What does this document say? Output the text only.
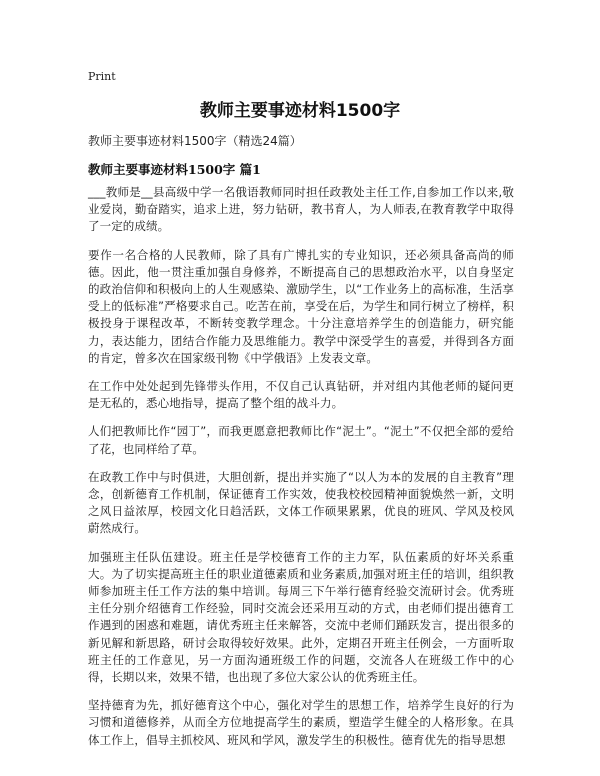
Print
教师主要事迹材料1500字
教师主要事迹材料1500字（精选24篇）
教师主要事迹材料1500字 篇1

___教师是__县高级中学一名俄语教师同时担任政教处主任工作,自参加工作以来,敬业爱岗，勤奋踏实，追求上进，努力钻研，教书育人，为人师表,在教育教学中取得了一定的成绩。

要作一名合格的人民教师，除了具有广博扎实的专业知识，还必须具备高尚的师德。因此，他一贯注重加强自身修养，不断提高自己的思想政治水平，以自身坚定的政治信仰和积极向上的人生观感染、激励学生，以“工作业务上的高标准，生活享受上的低标准”严格要求自己。吃苦在前，享受在后，为学生和同行树立了榜样，积极投身于课程改革，不断转变教学理念。十分注意培养学生的创造能力，研究能力，表达能力，团结合作能力及思维能力。教学中深受学生的喜爱，并得到各方面的肯定，曾多次在国家级刊物《中学俄语》上发表文章。

在工作中处处起到先锋带头作用，不仅自己认真钻研，并对组内其他老师的疑问更是无私的，悉心地指导，提高了整个组的战斗力。

人们把教师比作“园丁”，而我更愿意把教师比作“泥土”。“泥土”不仅把全部的爱给了花，也同样给了草。

在政教工作中与时俱进，大胆创新，提出并实施了“以人为本的发展的自主教育”理念，创新德育工作机制，保证德育工作实效，使我校校园精神面貌焕然一新，文明之风日益浓厚，校园文化日趋活跃，文体工作硕果累累，优良的班风、学风及校风蔚然成行。

加强班主任队伍建设。班主任是学校德育工作的主力军，队伍素质的好坏关系重大。为了切实提高班主任的职业道德素质和业务素质,加强对班主任的培训，组织教师参加班主任工作方法的集中培训。每周三下午举行德育经验交流研讨会。优秀班主任分别介绍德育工作经验，同时交流会还采用互动的方式，由老师们提出德育工作遇到的困惑和难题，请优秀班主任来解答，交流中老师们踊跃发言，提出很多的新见解和新思路，研讨会取得较好效果。此外，定期召开班主任例会，一方面听取班主任的工作意见，另一方面沟通班级工作的问题，交流各人在班级工作中的心得，长期以来，效果不错，也出现了多位大家公认的优秀班主任。

坚持德育为先，抓好德育这个中心，强化对学生的思想工作，培养学生良好的行为习惯和道德修养，从而全方位地提高学生的素质，塑造学生健全的人格形象。在具体工作上，倡导主抓校风、班风和学风，激发学生的积极性。德育优先的指导思想
